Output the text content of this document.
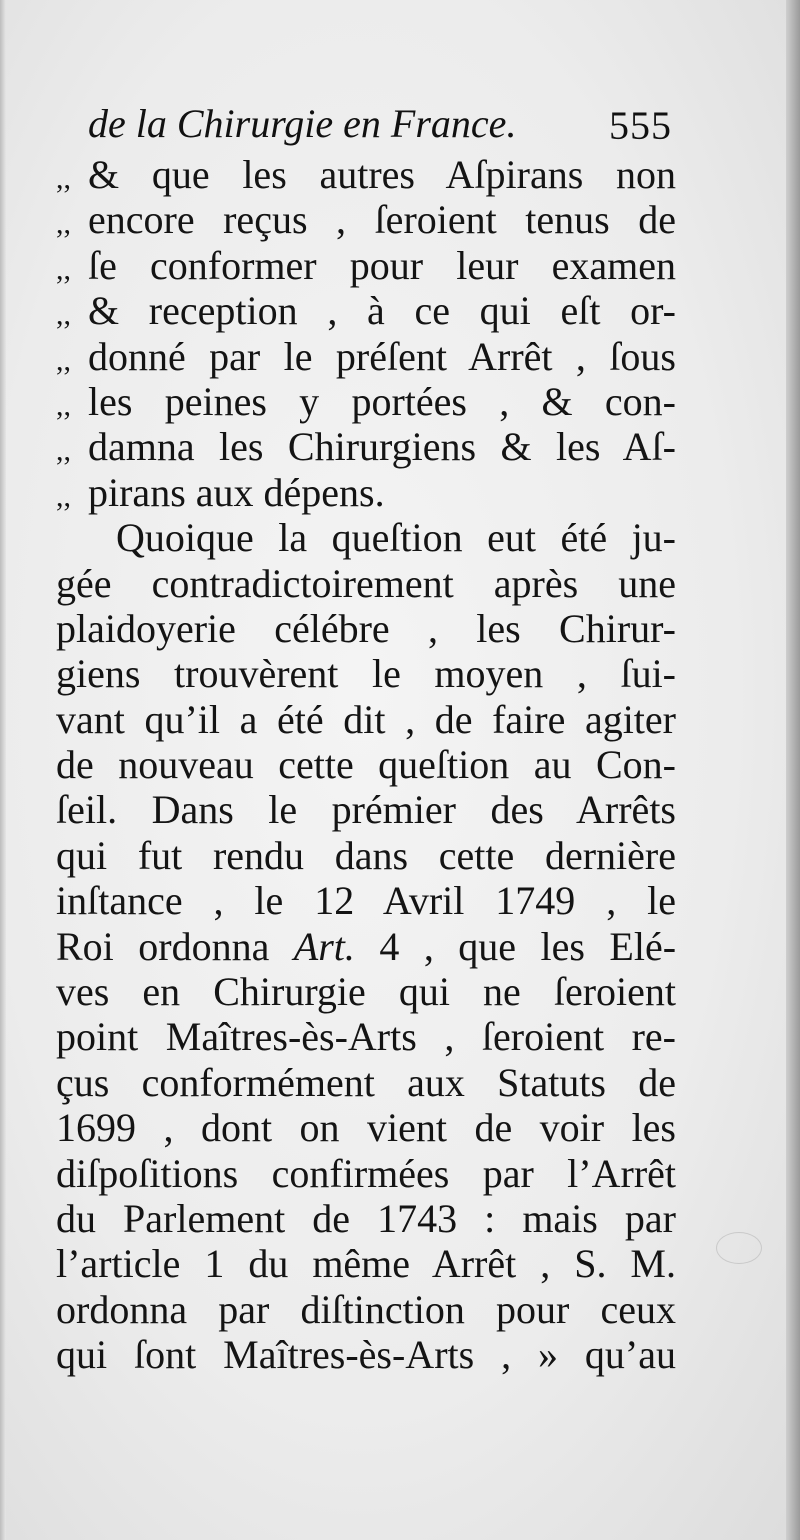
de la Chirurgie en France. 555
,, & que les autres Aſpirans non
,, encore reçus , ſeroient tenus de
,, ſe conformer pour leur examen
,, & reception , à ce qui eſt or-
,, donné par le préſent Arrêt , ſous
,, les peines y portées , & con-
,, damna les Chirurgiens & les Aſ-
,, pirans aux dépens.
Quoique la queſtion eut été ju-
gée contradictoirement après une
plaidoyerie célébre , les Chirur-
giens trouvèrent le moyen , ſui-
vant qu’il a été dit , de faire agiter
de nouveau cette queſtion au Con-
ſeil. Dans le prémier des Arrêts
qui fut rendu dans cette dernière
inſtance , le 12 Avril 1749 , le
Roi ordonna Art. 4 , que les Elé-
ves en Chirurgie qui ne ſeroient
point Maîtres-ès-Arts , ſeroient re-
çus conformément aux Statuts de
1699 , dont on vient de voir les
diſpoſitions confirmées par l’Arrêt
du Parlement de 1743 : mais par
l’article 1 du même Arrêt , S. M.
ordonna par diſtinction pour ceux
qui ſont Maîtres-ès-Arts , » qu’au
